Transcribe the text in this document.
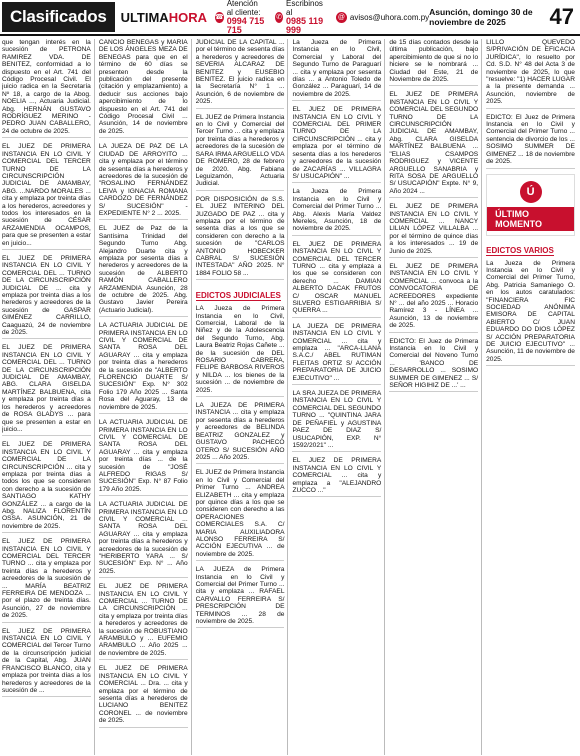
Clasificados	ULTIMA HORA ☎
Atención al cliente:
0994 715 715
✆
Escribinos al
0985 119 999
@ avisos@uhora.com.py Asunción, domingo 30 de noviembre de 2025	47
que tengan interés en la sucesión de PETRONA RAMIREZ VDA. DE BENITEZ, conformidad a lo dispuesto en el Art. 741 del Código Procesal Civil. El juicio radica en la Secretaría Nº 18, a cargo de la Abog. NOELIA ..., Actuaria Judicial. Abg. HERNÁN GUSTAVO RODRÍGUEZ MERINO - PEDRO JUAN CABALLERO, 24 de octubre de 2025.
EL JUEZ DE PRIMERA INSTANCIA EN LO CIVIL Y COMERCIAL DEL TERCER TURNO DE LA CIRCUNSCRIPCIÓN JUDICIAL DE AMAMBAY, ABG. ...NARDO MORALES ... cita y emplaza por treinta días a los herederos, acreedores y todos los interesados en la sucesión de CÉSAR ARZAMENDIA OCAMPOS, para que se presenten a estar en juicio...
EL JUEZ DE PRIMERA INSTANCIA EN LO CIVIL Y COMERCIAL DEL ... TURNO DE LA CIRCUNSCRIPCIÓN JUDICIAL DE ... cita y emplaza por treinta días a los herederos y acreedores de la sucesión de GASPAR GIMÉNEZ CARRILLO, Caaguazú, 24 de noviembre de 2025.
EL JUEZ DE PRIMERA INSTANCIA EN LO CIVIL Y COMERCIAL DEL ... TURNO DE LA CIRCUNSCRIPCIÓN JUDICIAL DE AMAMBAY, ABG. CLARA GISELDA MARTÍNEZ BALBUENA, cita y emplaza por treinta días a los herederos y acreedores de ROSA GLADYS ... para que se presenten a estar en juicio...
EL JUEZ DE PRIMERA INSTANCIA EN LO CIVIL Y COMERCIAL DE LA CIRCUNSCRIPCIÓN ... cita y emplaza por treinta días a todos los que se consideren con derecho a la sucesión de SANTIAGO KATHY GONZÁLEZ ... a cargo de la Abg. NALIZA FLORENTÍN OSSA. ASUNCIÓN, 21 de noviembre de 2025.
EL JUEZ DE PRIMERA INSTANCIA EN LO CIVIL Y COMERCIAL DEL TERCER TURNO ... cita y emplaza por treinta días a herederos y acreedores de la sucesión de ... MARÍA BEATRIZ FERREIRA DE MENDOZA ... por el plazo de treinta días. Asunción, 27 de noviembre de 2025.
EL JUEZ DE PRIMERA INSTANCIA EN LO CIVIL Y COMERCIAL del Tercer Turno de la circunscripción judicial de la Capital, Abg. JUAN FRANCISCO BLANCO, cita y emplaza por treinta días a los herederos y acreedores de la sucesión de ...
CANCIO BENEGAS y MARÍA DE LOS ÁNGELES MEZA DE BENEGAS para que en el término de 60 días se presenten desde la publicación del presente (citación y emplazamiento) a deducir sus acciones bajo apercibimiento de lo dispuesto en el Art. 741 del Código Procesal Civil ... Asunción, 14 de noviembre de 2025.
LA JUEZA DE PAZ DE LA CIUDAD DE ARROYITO ... cita y emplaza por el término de sesenta días a herederos y acreedores de la sucesión de "ROSALINO FERNÁNDEZ LEIVA y IGNACIA ROMANA CARDOZO DE FERNÁNDEZ S/ SUCESIÓN" - EXPEDIENTE N° 2 ... 2025.
EL JUEZ de Paz de la Santísima Trinidad del Segundo Turno Abg. Alejandro Duarte cita y emplaza por sesenta días a herederos y acreedores de la sucesión de ALBERTO RAMÓN CABALLERO ARZAMENDIA Asunción, 28 de octubre de 2025. Abg. Gustavo Javier Pereira (Actuario Judicial).
LA ACTUARIA JUDICIAL DE PRIMERA INSTANCIA EN LO CIVIL Y COMERCIAL DE SANTA ROSA DEL AGUARAY ... cita y emplaza por treinta días a herederos de la sucesión de "ALBERTO FLORENCIO DUARTE S/ SUCESIÓN" Exp. N° 302 Folio 179 Año 2025 ... Santa Rosa del Aguaray, 13 de noviembre de 2025.
LA ACTUARIA JUDICIAL DE PRIMERA INSTANCIA EN LO CIVIL Y COMERCIAL DE SANTA ROSA DEL AGUARAY ... cita y emplaza por treinta días ... de la sucesión de "JOSÉ ALFREDO RIGAS S/ SUCESIÓN" Exp. N° 87 Folio 179 Año 2025.
LA ACTUARIA JUDICIAL DE PRIMERA INSTANCIA EN LO CIVIL Y COMERCIAL ... SANTA ROSA DEL AGUARAY ... cita y emplaza por treinta días a herederos y acreedores de la sucesión de "HERIBERTO YARA ... S/ SUCESIÓN" Exp. N° ... Año 2025.
EL JUEZ DE PRIMERA INSTANCIA EN LO CIVIL Y COMERCIAL ... TURNO DE LA CIRCUNSCRIPCIÓN ... cita y emplaza por treinta días a herederos y acreedores de la sucesión de ROBUSTIANO ARAMBULO y ... EUFEMIO ARAMBULO ... Año 2025 ... de noviembre de 2025.
EL JUEZ DE PRIMERA INSTANCIA EN LO CIVIL Y COMERCIAL ... Dra. ... cita y emplaza por el término de sesenta días a herederos de LUCIANO BENITEZ CORONEL ... de noviembre de 2025.
JUDICIAL DE LA CAPITAL ... por el término de sesenta días a herederos y acreedores de SEVERIA ALCARAZ DE BENITEZ y EUSEBIO BENITEZ. El juicio radica en la Secretaría N° 1 ... Asunción, 6 de noviembre de 2025.
EL JUEZ de Primera Instancia en lo Civil y Comercial del Tercer Turno ... cita y emplaza por treinta días a herederos y acreedores de la sucesión de SARA IRMA ARGUELLO VDA DE ROMERO, 28 de febrero de 2020. Abg. Fabiana Leguizamón, Actuaria Judicial.
POR DISPOSICIÓN de S.S. EL JUEZ INTERINO DEL JUZGADO DE PAZ ... cita y emplaza por el término de sesenta días a los que se consideren con derecho a la sucesión de "CARLOS ANTONIO HOBECKER CABRAL S/ SUCESIÓN INTESTADA" AÑO 2025. N° 1884 FOLIO 58 ...
EDICTOS JUDICIALES
LA Jueza de Primera Instancia en lo Civil, Comercial, Laboral de la Niñez y de la Adolescencia del Segundo Turno, Abg. Laura Beatriz Rojas Cañete ... de la sucesión de DEL ROSARIO CABRERA, FELIPE BARBOSA RIVEROS y NILDA ... los bienes de la sucesión ... de noviembre de 2025.
LA JUEZA DE PRIMERA INSTANCIA ... cita y emplaza por sesenta días a herederos y acreedores de BELINDA BEATRIZ GONZALEZ y GUSTAVO PACHECO OTERO S/ SUCESIÓN AÑO 2025 ... Año 2025.
EL JUEZ de Primera Instancia en lo Civil y Comercial del Primer Turno ... ANDREA ELIZABETH ... cita y emplaza por quince días a los que se consideren con derecho a las OPERACIONES COMERCIALES S.A. C/ MARIA AUXILIADORA ALONSO FERREIRA S/ ACCIÓN EJECUTIVA ... de noviembre de 2025.
LA JUEZA de Primera Instancia en lo Civil y Comercial del Primer Turno ... cita y emplaza ... RAFAEL CARVALLO FERREIRA S/ PRESCRIPCIÓN DE TERMINOS ... 28 de noviembre de 2025.
La Jueza de Primera Instancia en lo Civil, Comercial y Laboral del Segundo Turno de Paraguarí ... cita y emplaza por sesenta días ... a Antonio Toledo de González ... Paraguarí, 14 de noviembre de 2025.
EL JUEZ DE PRIMERA INSTANCIA EN LO CIVIL Y COMERCIAL DEL PRIMER TURNO DE LA CIRCUNSCRIPCIÓN ... cita y emplaza por el término de sesenta días a los herederos y acreedores de la sucesión de ZACARÍAS ... VILLAGRA S/ USUCAPIÓN" ...
La Jueza de Primera Instancia en lo Civil y Comercial del Primer Turno ... Abg. Alexis María Valdez Mereles, Asunción, 18 de noviembre de 2025.
EL JUEZ DE PRIMERA INSTANCIA EN LO CIVIL Y COMERCIAL DEL TERCER TURNO ... cita y emplaza a los que se consideren con derecho ... DAMIAN ALBERTO DACAK FRUTOS C/ OSCAR MANUEL SILVERO ESTIGARRIBIA S/ QUERRA ...
LA JUEZA DE PRIMERA INSTANCIA EN LO CIVIL Y COMERCIAL ... cita y emplaza ... "ARCA-LLANA S.A.C./ ABEL RUTIMAN FLEITAS ORTIZ S/ ACCIÓN PREPARATORIA DE JUICIO EJECUTIVO" ...
LA SRA JUEZA DE PRIMERA INSTANCIA EN LO CIVIL Y COMERCIAL DEL SEGUNDO TURNO ... "QUINTINA JARA DE PEÑAFIEL y AGUSTINA PAEZ DE DIAZ S/ USUCAPIÓN, EXP. N° 1592/2021" ...
EL JUEZ DE PRIMERA INSTANCIA EN LO CIVIL Y COMERCIAL ... cita y emplaza a "ALEJANDRO ZUCCO ..."
de 15 días contados desde la última publicación, bajo apercibimiento de que si no lo hiciere se le nombrará ... Ciudad del Este, 21 de Noviembre de 2025.
EL JUEZ DE PRIMERA INSTANCIA EN LO CIVIL Y COMERCIAL DEL SEGUNDO TURNO DE LA CIRCUNSCRIPCIÓN JUDICIAL DE AMAMBAY, Abg. CLARA GISELDA MARTÍNEZ BALBUENA ... "ELIAS CSAMPOS RODRIGUEZ y VICENTE ARGUELLO SANABRIA y RITA SOSA DE ARGUELLO S/ USUCAPIÓN" Expte. N° 9, Año 2024 ...
EL JUEZ DE PRIMERA INSTANCIA EN LO CIVIL Y COMERCIAL ... NANCY LILIAN LÓPEZ VILLALBA ... por el término de quince días a los interesados ... 19 de Junio de 2025.
EL JUEZ DE PRIMERA INSTANCIA EN LO CIVIL Y COMERCIAL ... convoca a la CONVOCATORIA DE ACREEDORES expediente N° ... del año 2025 ... Horacio Ramírez 3 - LÍNEA ... Asunción, 13 de noviembre de 2025.
EDICTO: El Juez de Primera Instancia en lo Civil y Comercial del Noveno Turno ... 'BANCO DE DESARROLLO ... SOSIMO SUMMER DE GIMENEZ ... S/ SEÑOR HIGIHIZ DE ...' ...
LILLO QUEVEDO S/PRIVACIÓN DE EFICACIA JURÍDICA", lo resuelto por Cd. S.D. N° 48 del Acta 3 de noviembre de 2025, lo que "resuelve: "1) HACER LUGAR a la presente demanda ... Asunción, noviembre de 2025.
EDICTO: El Juez de Primera Instancia en lo Civil y Comercial del Primer Turno ... sentencia de divorcio de los ... SOSIMO SUMMER DE GIMENEZ ... 18 de noviembre de 2025.
Ú
ÚLTIMO MOMENTO
EDICTOS VARIOS
La Jueza de Primera Instancia en lo Civil y Comercial del Primer Turno, Abg. Patricia Samaniego O. en los autos caratulados: "FINANCIERA FIC SOCIEDAD ANÓNIMA EMISORA DE CAPITAL ABIERTO C/ JUAN EDUARDO DO DIOS LÓPEZ S/ ACCIÓN PREPARATORIA DE JUICIO EJECUTIVO" ... Asunción, 11 de noviembre de 2025.
